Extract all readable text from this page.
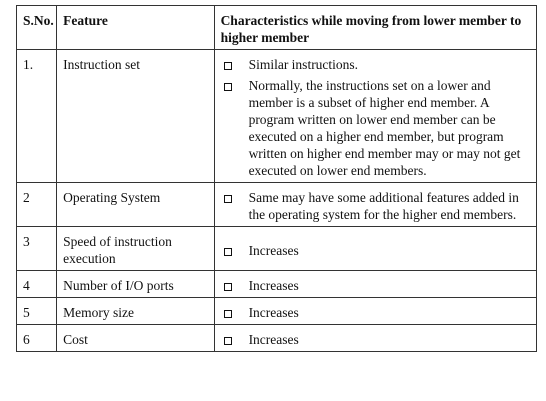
S.No.	Feature	Characteristics while moving from lower member to higher member
1.	Instruction set	Similar instructions.
Normally, the instructions set on a lower and member is a subset of higher end member. A program written on lower end member can be executed on a higher end member, but program written on higher end member may or may not get executed on lower end members.

2	Operating System	Same may have some additional features added in the operating system for the higher end members.

3	Speed of instruction execution	Increases

4	Number of I/O ports	Increases

5	Memory size	Increases

6	Cost	Increases
